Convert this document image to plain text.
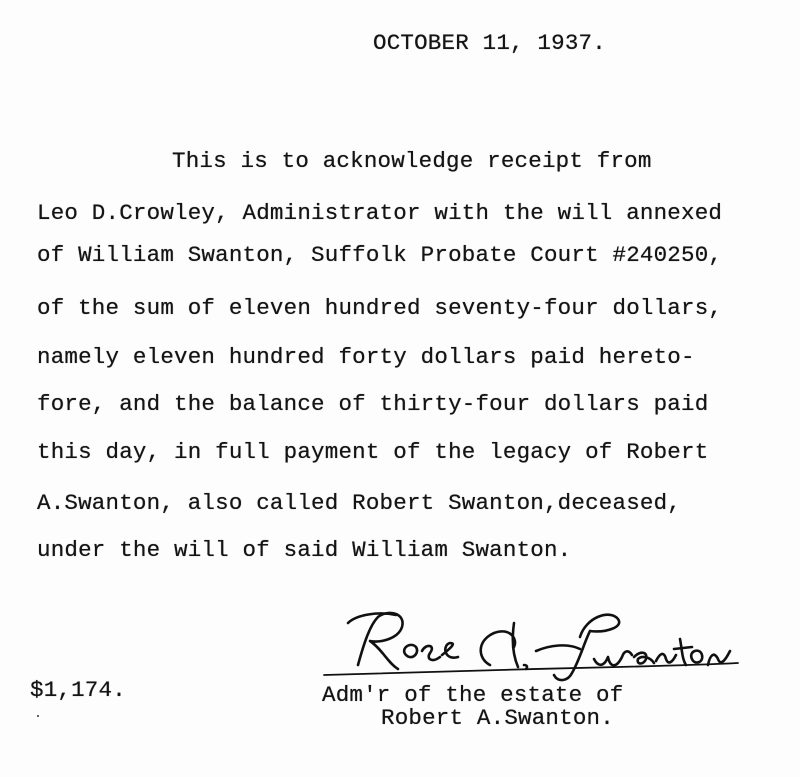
OCTOBER 11, 1937.
This is to acknowledge receipt from
Leo D.Crowley, Administrator with the will annexed
of William Swanton, Suffolk Probate Court #240250,
of the sum of eleven hundred seventy-four dollars,
namely eleven hundred forty dollars paid hereto-
fore, and the balance of thirty-four dollars paid
this day, in full payment of the legacy of Robert
A.Swanton, also called Robert Swanton,deceased,
under the will of said William Swanton.
$1,174.	Adm'r of the estate of
Robert A.Swanton.
